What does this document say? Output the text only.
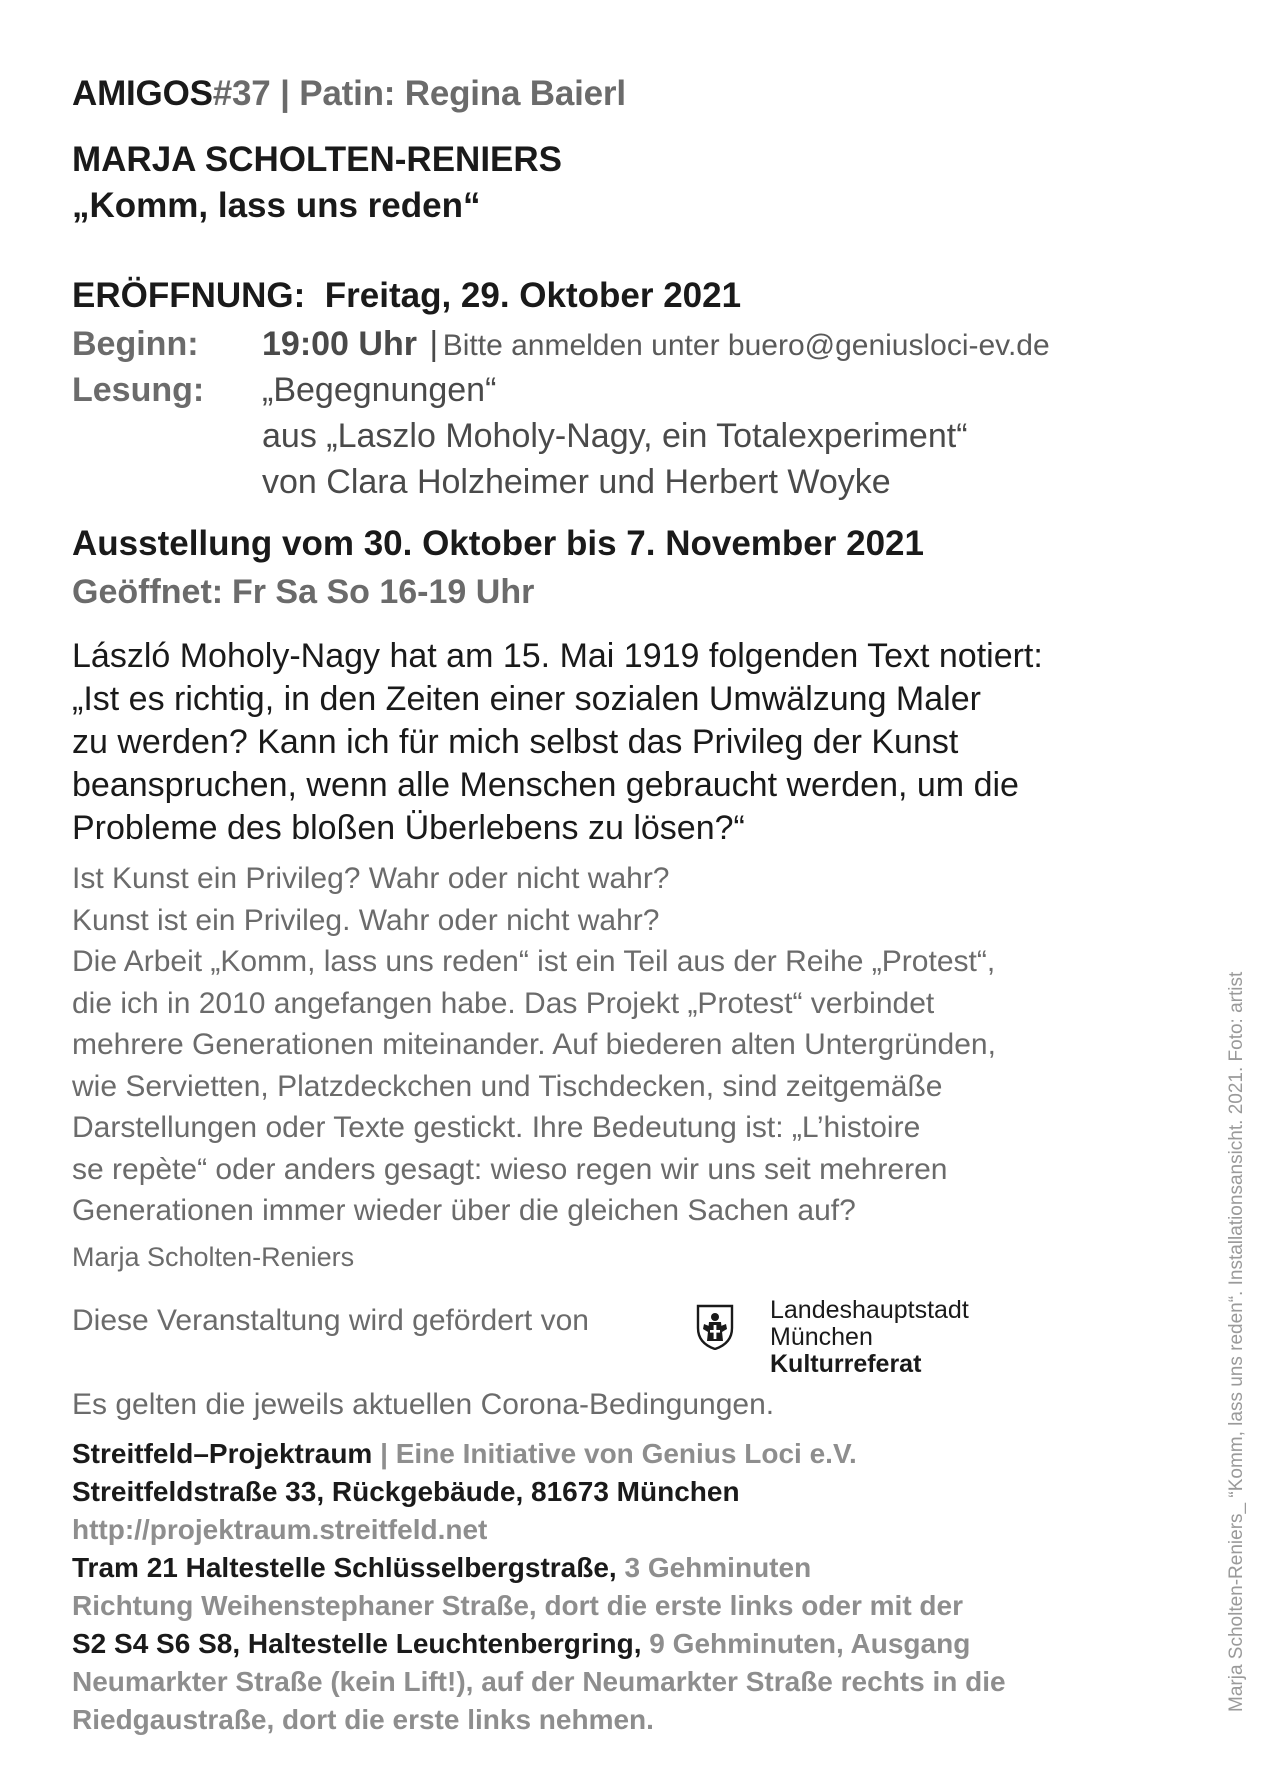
AMIGOS#37 | Patin: Regina Baierl
MARJA SCHOLTEN-RENIERS
„Komm, lass uns reden“
ERÖFFNUNG: Freitag, 29. Oktober 2021
Beginn: 19:00 Uhr | Bitte anmelden unter buero@geniusloci-ev.de
Lesung: „Begegnungen“
aus „Laszlo Moholy-Nagy, ein Totalexperiment“
von Clara Holzheimer und Herbert Woyke
Ausstellung vom 30. Oktober bis 7. November 2021
Geöffnet: Fr Sa So 16-19 Uhr
László Moholy-Nagy hat am 15. Mai 1919 folgenden Text notiert:
„Ist es richtig, in den Zeiten einer sozialen Umwälzung Maler
zu werden? Kann ich für mich selbst das Privileg der Kunst
beanspruchen, wenn alle Menschen gebraucht werden, um die
Probleme des bloßen Überlebens zu lösen?“
Ist Kunst ein Privileg? Wahr oder nicht wahr?
Kunst ist ein Privileg. Wahr oder nicht wahr?
Die Arbeit „Komm, lass uns reden“ ist ein Teil aus der Reihe „Protest“,
die ich in 2010 angefangen habe. Das Projekt „Protest“ verbindet
mehrere Generationen miteinander. Auf biederen alten Untergründen,
wie Servietten, Platzdeckchen und Tischdecken, sind zeitgemäße
Darstellungen oder Texte gestickt. Ihre Bedeutung ist: „L’histoire
se repète“ oder anders gesagt: wieso regen wir uns seit mehreren
Generationen immer wieder über die gleichen Sachen auf?
Marja Scholten-Reniers
Diese Veranstaltung wird gefördert von	Landeshauptstadt
München
Kulturreferat
Es gelten die jeweils aktuellen Corona-Bedingungen.
Streitfeld–Projektraum | Eine Initiative von Genius Loci e.V.
Streitfeldstraße 33, Rückgebäude, 81673 München
http://projektraum.streitfeld.net
Tram 21 Haltestelle Schlüsselbergstraße, 3 Gehminuten
Richtung Weihenstephaner Straße, dort die erste links oder mit der
S2 S4 S6 S8, Haltestelle Leuchtenbergring, 9 Gehminuten, Ausgang
Neumarkter Straße (kein Lift!), auf der Neumarkter Straße rechts in die
Riedgaustraße, dort die erste links nehmen.
Marja Scholten-Reniers_ “Komm, lass uns reden“. Installationsansicht. 2021. Foto: artist
